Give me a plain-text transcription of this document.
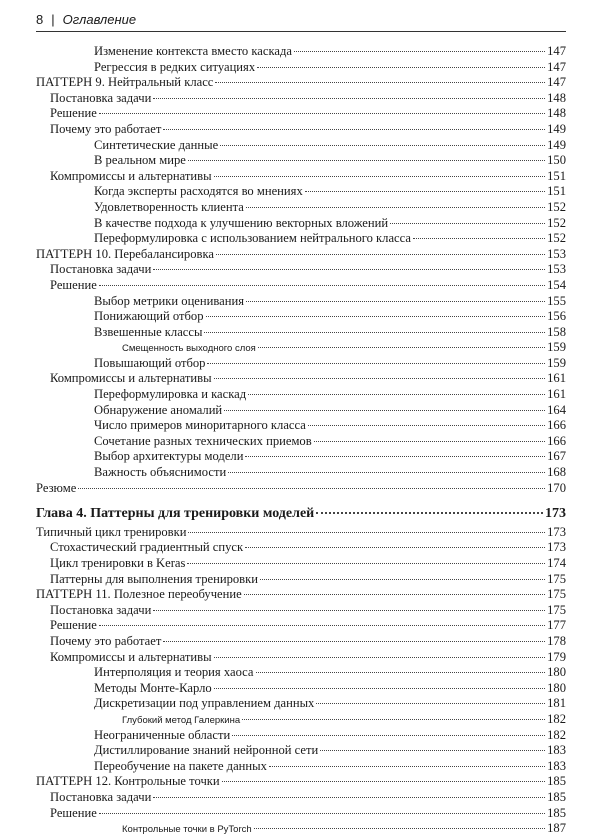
8 | Оглавление
Изменение контекста вместо каскада	147
Регрессия в редких ситуациях	147
ПАТТЕРН 9. Нейтральный класс	147
Постановка задачи	148
Решение	148
Почему это работает	149
Синтетические данные	149
В реальном мире	150
Компромиссы и альтернативы	151
Когда эксперты расходятся во мнениях	151
Удовлетворенность клиента	152
В качестве подхода к улучшению векторных вложений	152
Переформулировка с использованием нейтрального класса	152
ПАТТЕРН 10. Перебалансировка	153
Постановка задачи	153
Решение	154
Выбор метрики оценивания	155
Понижающий отбор	156
Взвешенные классы	158
Смещенность выходного слоя	159
Повышающий отбор	159
Компромиссы и альтернативы	161
Переформулировка и каскад	161
Обнаружение аномалий	164
Число примеров миноритарного класса	166
Сочетание разных технических приемов	166
Выбор архитектуры модели	167
Важность объяснимости	168
Резюме	170
Глава 4. Паттерны для тренировки моделей	173
Типичный цикл тренировки	173
Стохастический градиентный спуск	173
Цикл тренировки в Keras	174
Паттерны для выполнения тренировки	175
ПАТТЕРН 11. Полезное переобучение	175
Постановка задачи	175
Решение	177
Почему это работает	178
Компромиссы и альтернативы	179
Интерполяция и теория хаоса	180
Методы Монте-Карло	180
Дискретизации под управлением данных	181
Глубокий метод Галеркина	182
Неограниченные области	182
Дистиллирование знаний нейронной сети	183
Переобучение на пакете данных	183
ПАТТЕРН 12. Контрольные точки	185
Постановка задачи	185
Решение	185
Контрольные точки в PyTorch	187
